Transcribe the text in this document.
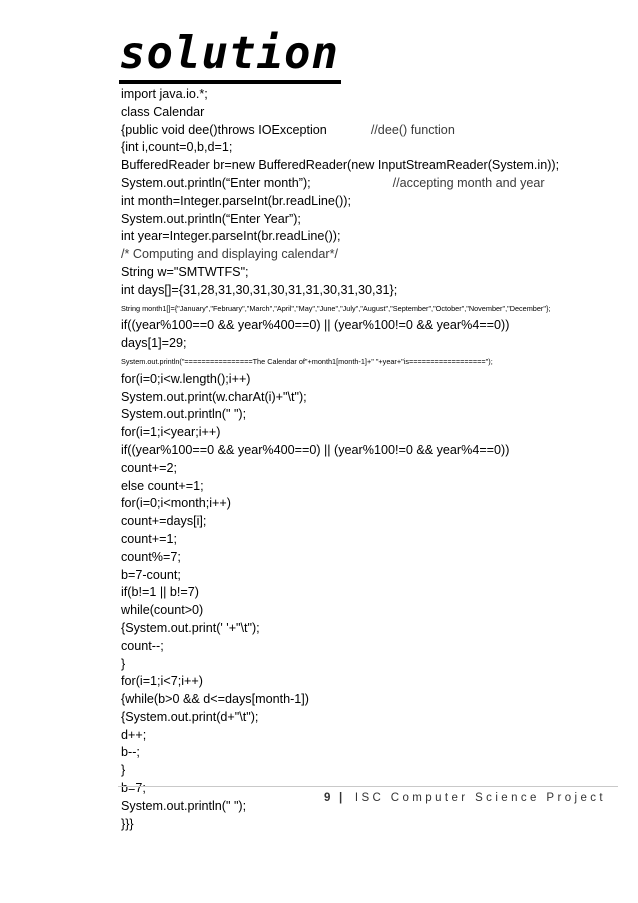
solution
import java.io.*;
class Calendar
{public void dee()throws IOException	//dee() function
{int i,count=0,b,d=1;
BufferedReader br=new BufferedReader(new InputStreamReader(System.in));
System.out.println(“Enter month”);	//accepting month and year
int month=Integer.parseInt(br.readLine());
System.out.println(“Enter Year”);
int year=Integer.parseInt(br.readLine());
/* Computing and displaying calendar*/
String w="SMTWTFS";
int days[]={31,28,31,30,31,30,31,31,30,31,30,31};
String month1[]={"January","February","March","April","May","June","July","August","September","October","November","December"};
if((year%100==0 && year%400==0) || (year%100!=0 && year%4==0))
days[1]=29;
System.out.println("================The Calendar of"+month1[month-1]+" "+year+"is==================");
for(i=0;i<w.length();i++)
System.out.print(w.charAt(i)+"\t");
System.out.println(" ");
for(i=1;i<year;i++)
if((year%100==0 && year%400==0) || (year%100!=0 && year%4==0))
count+=2;
else count+=1;
for(i=0;i<month;i++)
count+=days[i];
count+=1;
count%=7;
b=7-count;
if(b!=1 || b!=7)
while(count>0)
{System.out.print(' '+"\t");
count--;
}
for(i=1;i<7;i++)
{while(b>0 && d<=days[month-1])
{System.out.print(d+"\t");
d++;
b--;
}
b=7;
System.out.println(" ");
}}}
9 | ISC Computer Science Project
